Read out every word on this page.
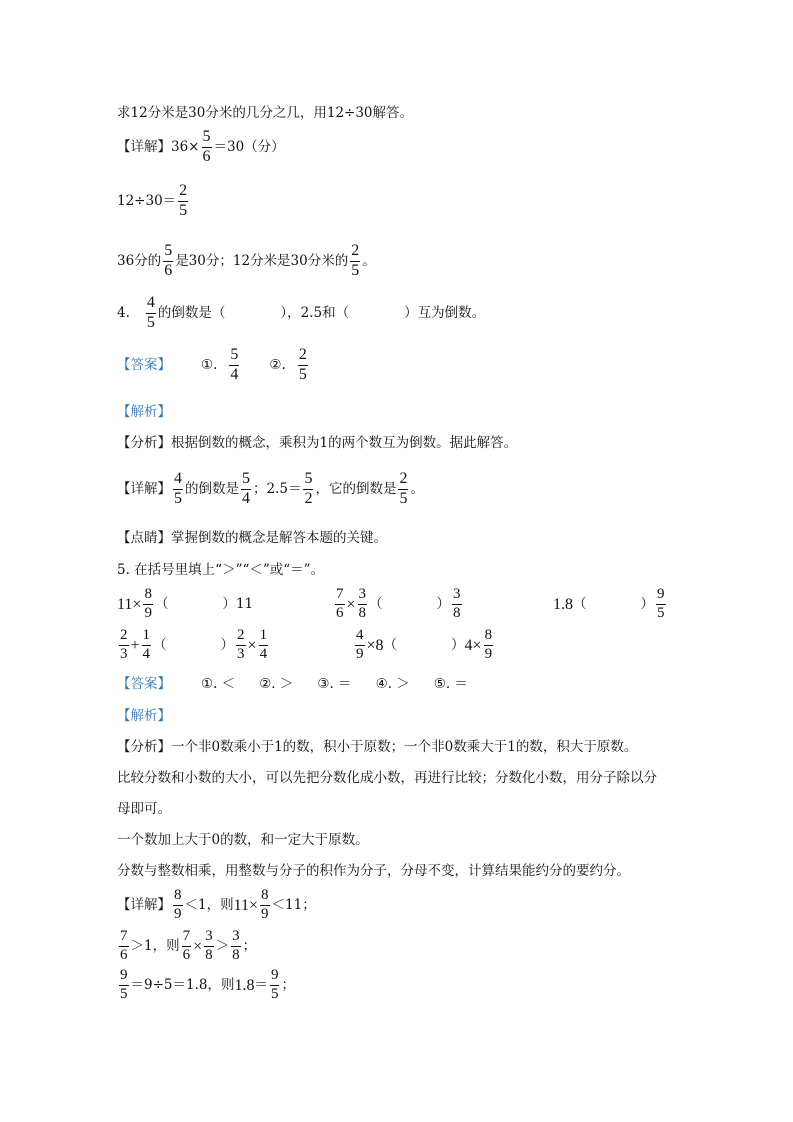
求12分米是30分米的几分之几，用12÷30解答。
【详解】$36\times \frac{5}{6} =30$（分）
$12\div 30= \frac{2}{5}$
36分的 $\frac{5}{6}$ 是30分；12分米是30分米的 $\frac{2}{5}$ 。
4. $\frac{4}{5}$ 的倒数是（	），2.5和（	）互为倒数。
【答案】 ①. $\frac{5}{4}$ ②. $\frac{2}{5}$
【解析】
【分析】根据倒数的概念，乘积为1的两个数互为倒数。据此解答。
【详解】 $\frac{4}{5}$ 的倒数是 $\frac{5}{4}$ ；$2.5= \frac{5}{2}$ ，它的倒数是 $\frac{2}{5}$ 。
【点睛】掌握倒数的概念是解答本题的关键。
5. 在括号里填上“＞”“＜”或“＝”。
$11\times \frac{8}{9}$ （　　　　） 11	$\frac{7}{6} \times \frac{3}{8}$ （　　　　） $\frac{3}{8}$	1.8 （　　　　） $\frac{9}{5}$
$\frac{2}{3} + \frac{1}{4}$ （　　　　） $\frac{2}{3} \times \frac{1}{4}$	$\frac{4}{9} \times 8$ （　　　　） $4\times \frac{8}{9}$
【答案】 ①. ＜ ②. ＞ ③. ＝ ④. ＞ ⑤. ＝
【解析】
【分析】一个非0数乘小于1的数，积小于原数；一个非0数乘大于1的数，积大于原数。
比较分数和小数的大小，可以先把分数化成小数，再进行比较；分数化小数，用分子除以分
母即可。
一个数加上大于0的数，和一定大于原数。
分数与整数相乘，用整数与分子的积作为分子，分母不变，计算结果能约分的要约分。
【详解】 $\frac{8}{9} <1$，则 $11\times \frac{8}{9} <11$；
$\frac{7}{6} >1$，则 $\frac{7}{6} \times \frac{3}{8} > \frac{3}{8}$ ；
$\frac{9}{5} =9\div 5=1.8$，则 $1.8 = \frac{9}{5}$ ；
